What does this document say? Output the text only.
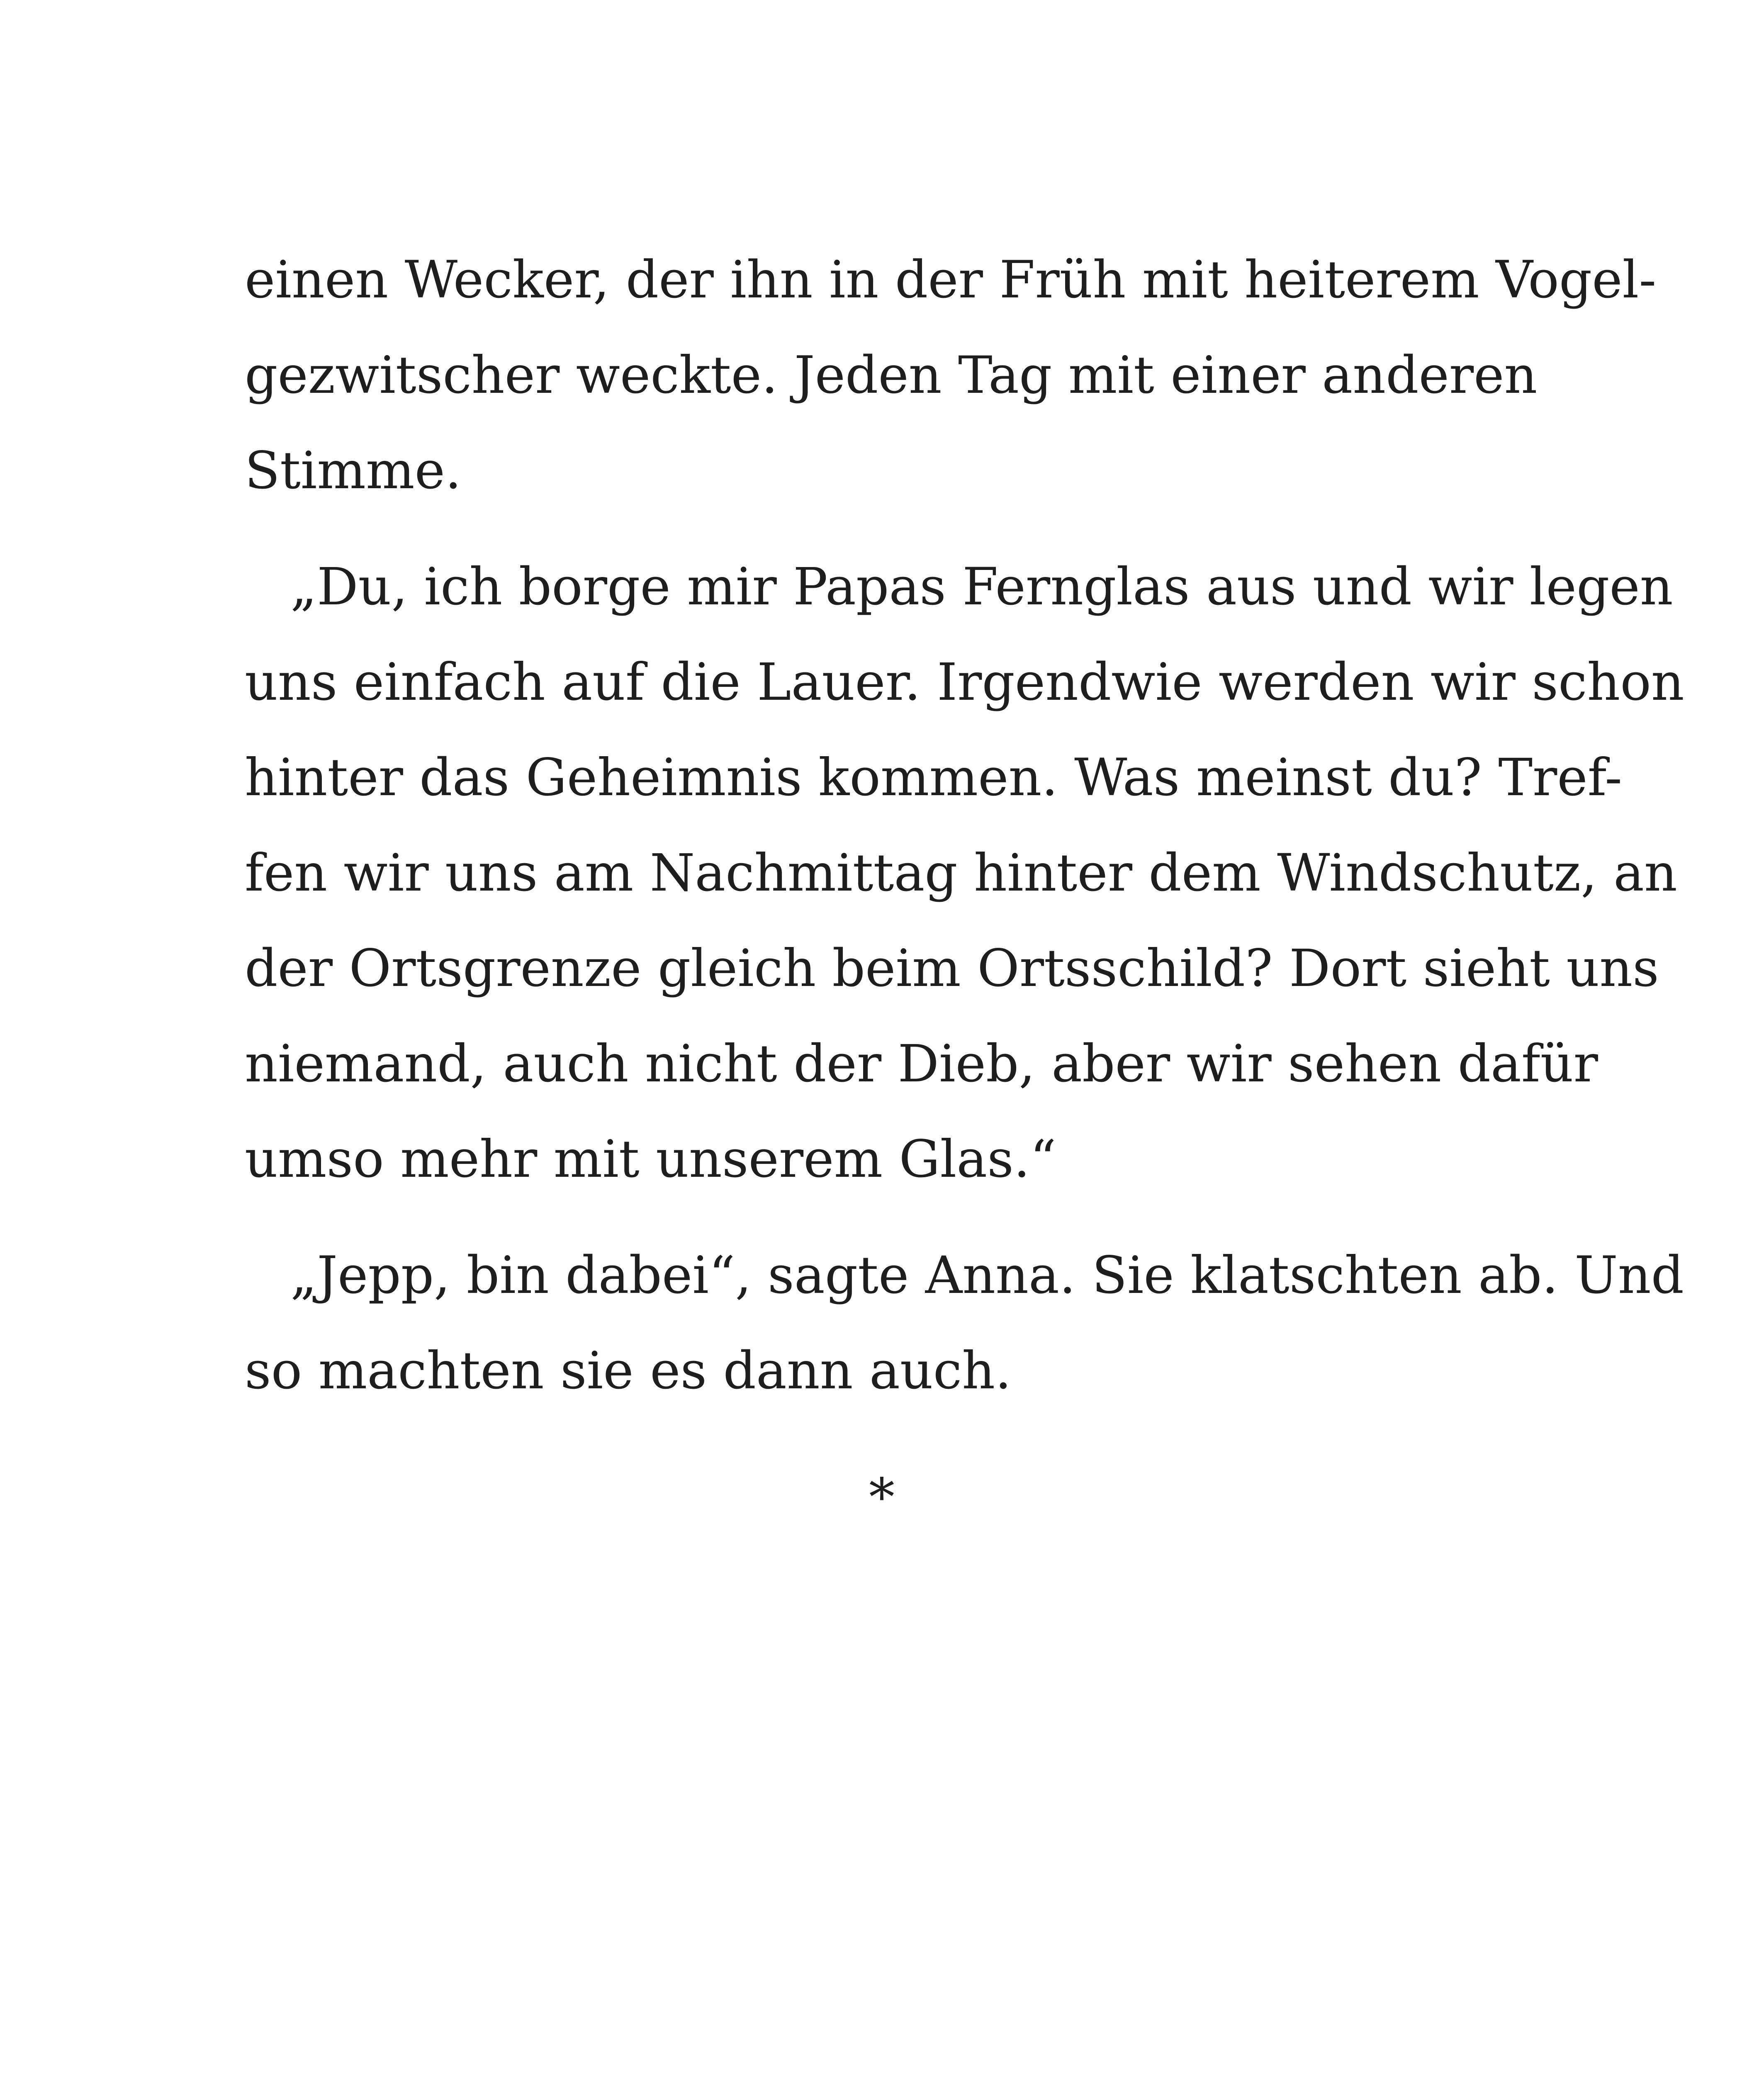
einen Wecker, der ihn in der Früh mit heiterem Vogel-
gezwitscher weckte. Jeden Tag mit einer anderen
Stimme.
„Du, ich borge mir Papas Fernglas aus und wir legen
uns einfach auf die Lauer. Irgendwie werden wir schon
hinter das Geheimnis kommen. Was meinst du? Tref-
fen wir uns am Nachmittag hinter dem Windschutz, an
der Ortsgrenze gleich beim Ortsschild? Dort sieht uns
niemand, auch nicht der Dieb, aber wir sehen dafür
umso mehr mit unserem Glas.“
„Jepp, bin dabei“, sagte Anna. Sie klatschten ab. Und
so machten sie es dann auch.
*
